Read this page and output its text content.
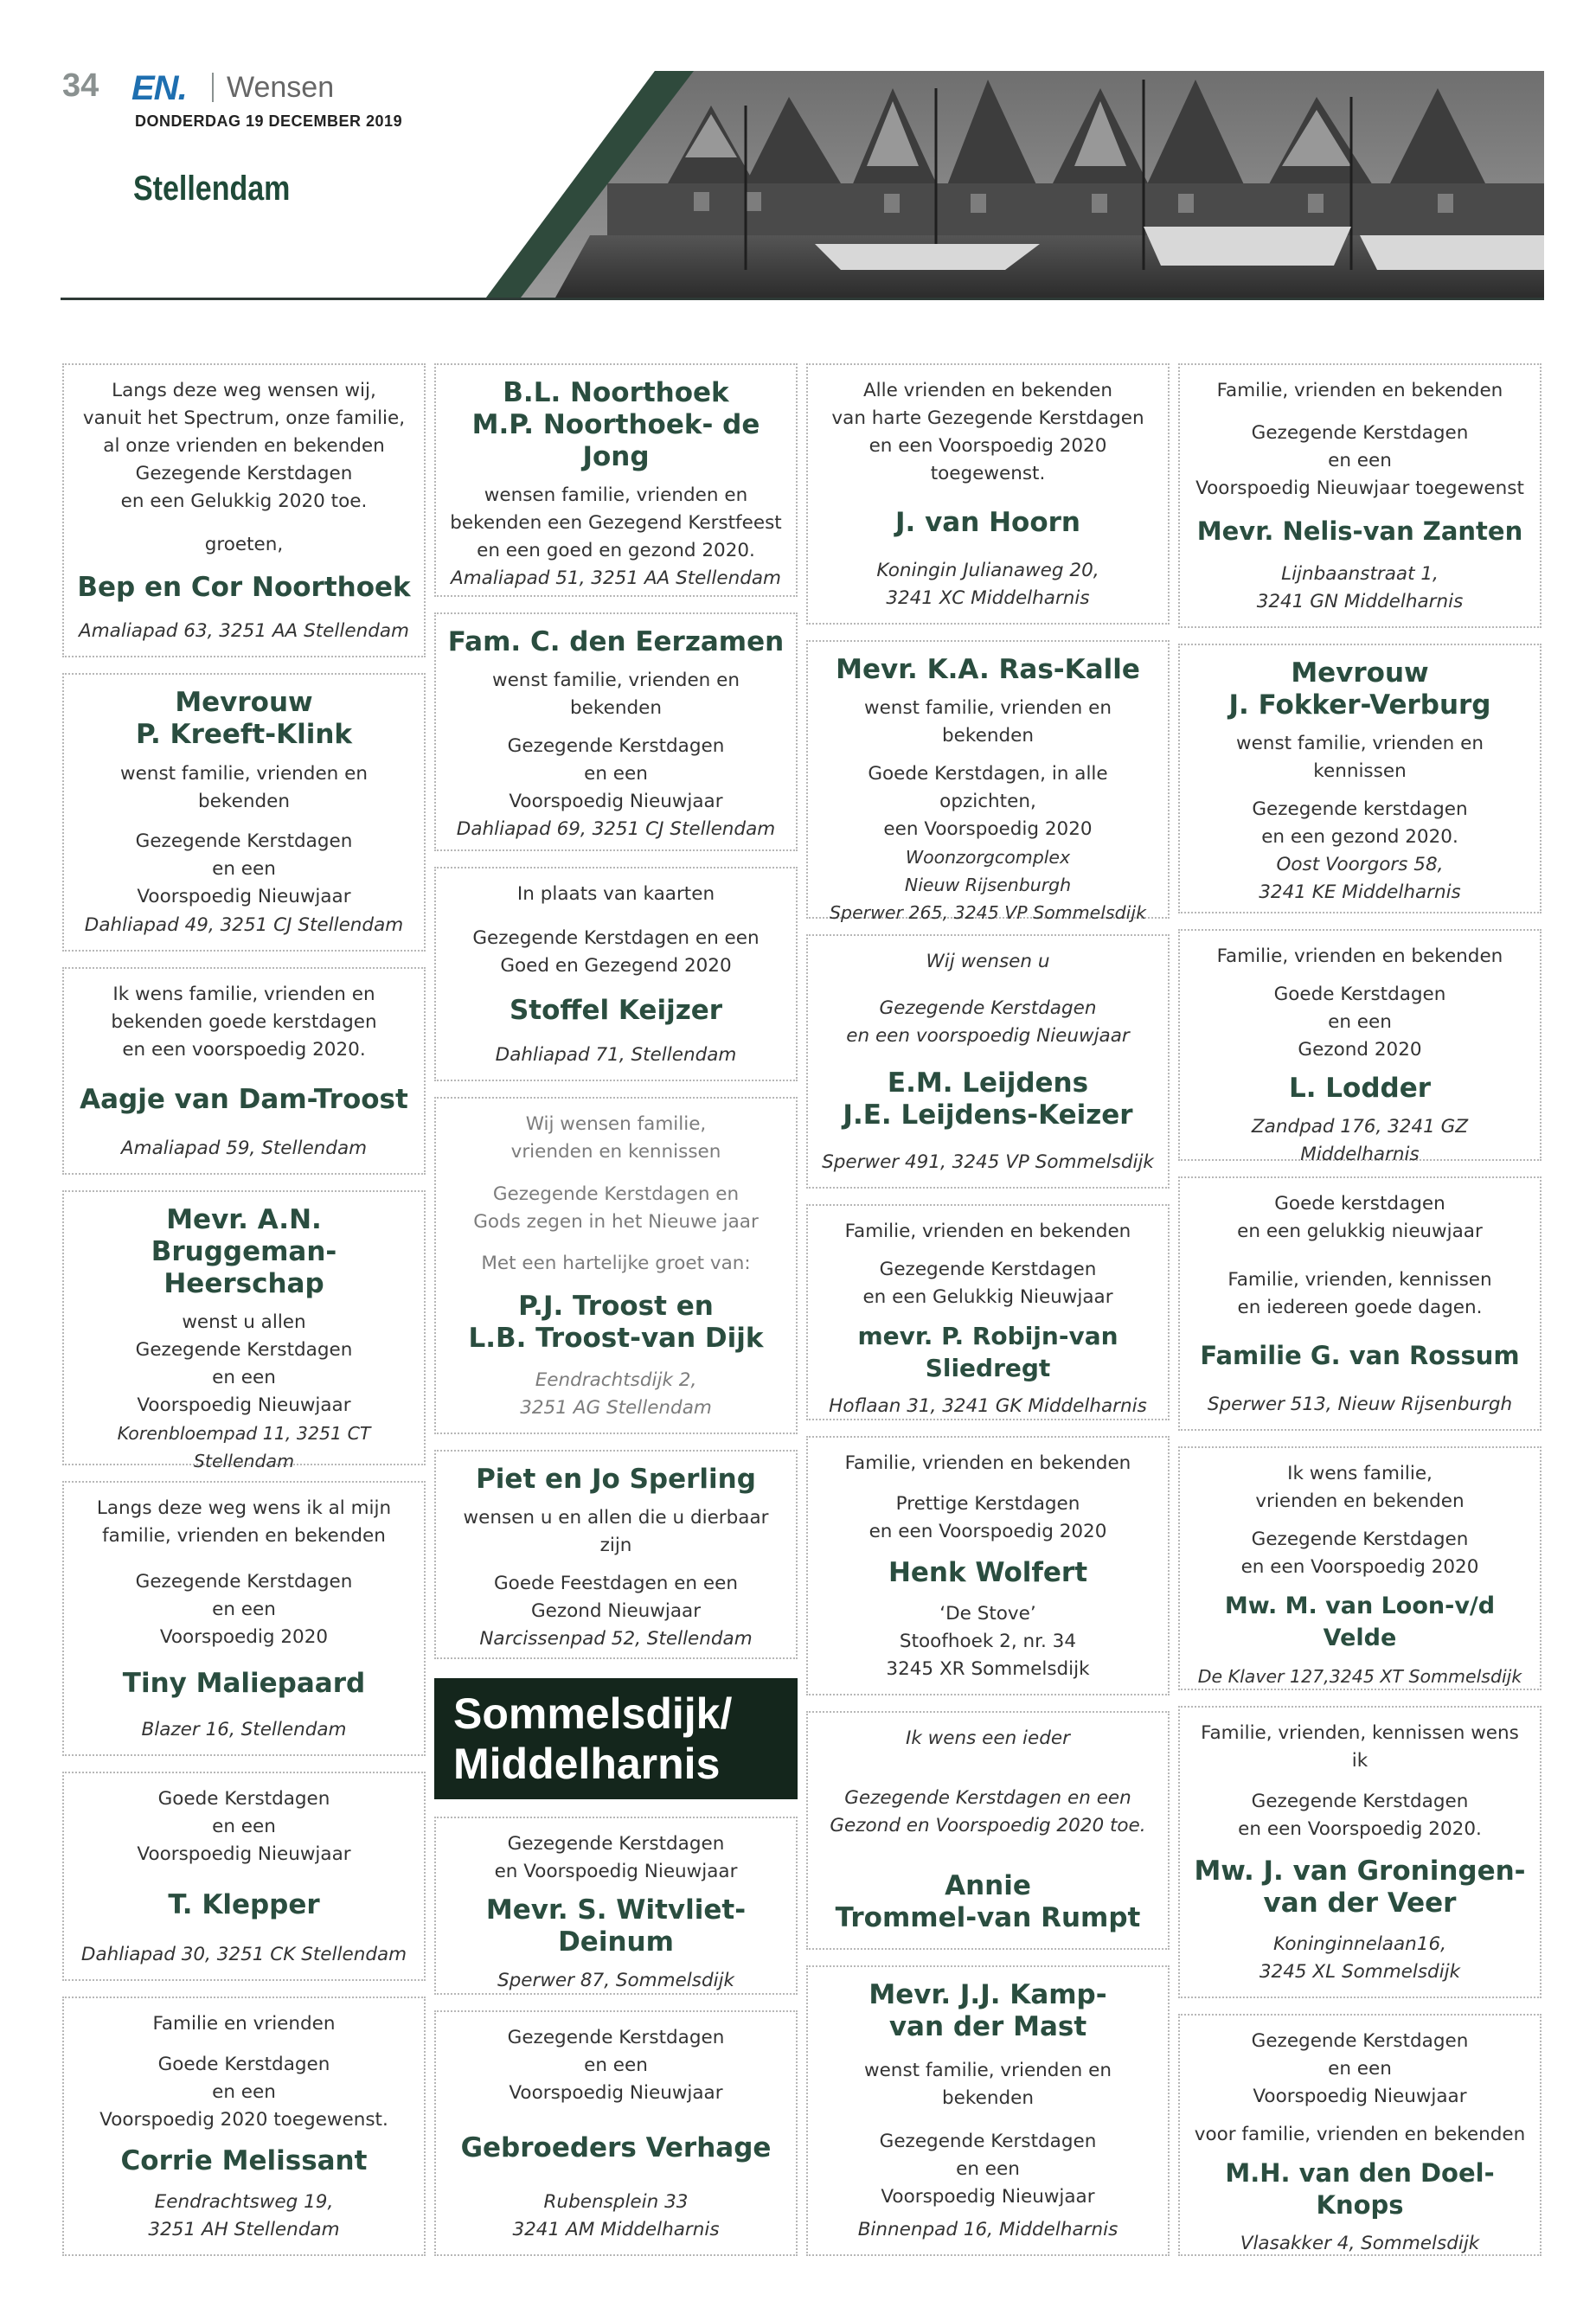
34 EN. Wensen
DONDERDAG 19 DECEMBER 2019
Stellendam
Langs deze weg wensen wij,
vanuit het Spectrum, onze familie,
al onze vrienden en bekenden
Gezegende Kerstdagen
en een Gelukkig 2020 toe.
groeten,
Bep en Cor Noorthoek
Amaliapad 63, 3251 AA Stellendam
Mevrouw
P. Kreeft-Klink
wenst familie, vrienden en bekenden
Gezegende Kerstdagen
en een
Voorspoedig Nieuwjaar
Dahliapad 49, 3251 CJ Stellendam
Ik wens familie, vrienden en
bekenden goede kerstdagen
en een voorspoedig 2020.
Aagje van Dam-Troost
Amaliapad 59, Stellendam
Mevr. A.N.
Bruggeman-Heerschap
wenst u allen
Gezegende Kerstdagen
en een
Voorspoedig Nieuwjaar
Korenbloempad 11, 3251 CT Stellendam
Langs deze weg wens ik al mijn
familie, vrienden en bekenden
Gezegende Kerstdagen
en een
Voorspoedig 2020
Tiny Maliepaard
Blazer 16, Stellendam
Goede Kerstdagen
en een
Voorspoedig Nieuwjaar
T. Klepper
Dahliapad 30, 3251 CK Stellendam
Familie en vrienden
Goede Kerstdagen
en een
Voorspoedig 2020 toegewenst.
Corrie Melissant
Eendrachtsweg 19,
3251 AH Stellendam
B.L. Noorthoek
M.P. Noorthoek- de Jong
wensen familie, vrienden en
bekenden een Gezegend Kerstfeest
en een goed en gezond 2020.
Amaliapad 51, 3251 AA Stellendam
Fam. C. den Eerzamen
wenst familie, vrienden en bekenden
Gezegende Kerstdagen
en een
Voorspoedig Nieuwjaar
Dahliapad 69, 3251 CJ Stellendam
In plaats van kaarten
Gezegende Kerstdagen en een
Goed en Gezegend 2020
Stoffel Keijzer
Dahliapad 71, Stellendam
Wij wensen familie,
vrienden en kennissen
Gezegende Kerstdagen en
Gods zegen in het Nieuwe jaar
Met een hartelijke groet van:
P.J. Troost en
L.B. Troost-van Dijk
Eendrachtsdijk 2,
3251 AG Stellendam
Piet en Jo Sperling
wensen u en allen die u dierbaar zijn
Goede Feestdagen en een
Gezond Nieuwjaar
Narcissenpad 52, Stellendam
Sommelsdijk/
Middelharnis
Gezegende Kerstdagen
en Voorspoedig Nieuwjaar
Mevr. S. Witvliet-Deinum
Sperwer 87, Sommelsdijk
Gezegende Kerstdagen
en een
Voorspoedig Nieuwjaar
Gebroeders Verhage
Rubensplein 33
3241 AM Middelharnis
Alle vrienden en bekenden
van harte Gezegende Kerstdagen
en een Voorspoedig 2020
toegewenst.
J. van Hoorn
Koningin Julianaweg 20,
3241 XC Middelharnis
Mevr. K.A. Ras-Kalle
wenst familie, vrienden en bekenden
Goede Kerstdagen, in alle opzichten,
een Voorspoedig 2020
Woonzorgcomplex
Nieuw Rijsenburgh
Sperwer 265, 3245 VP Sommelsdijk
Wij wensen u
Gezegende Kerstdagen
en een voorspoedig Nieuwjaar
E.M. Leijdens
J.E. Leijdens-Keizer
Sperwer 491, 3245 VP Sommelsdijk
Familie, vrienden en bekenden
Gezegende Kerstdagen
en een Gelukkig Nieuwjaar
mevr. P. Robijn-van Sliedregt
Hoflaan 31, 3241 GK Middelharnis
Familie, vrienden en bekenden
Prettige Kerstdagen
en een Voorspoedig 2020
Henk Wolfert
‘De Stove’
Stoofhoek 2, nr. 34
3245 XR Sommelsdijk
Ik wens een ieder
Gezegende Kerstdagen en een
Gezond en Voorspoedig 2020 toe.
Annie
Trommel-van Rumpt
Mevr. J.J. Kamp-
van der Mast
wenst familie, vrienden en bekenden
Gezegende Kerstdagen
en een
Voorspoedig Nieuwjaar
Binnenpad 16, Middelharnis
Familie, vrienden en bekenden
Gezegende Kerstdagen
en een
Voorspoedig Nieuwjaar toegewenst
Mevr. Nelis-van Zanten
Lijnbaanstraat 1,
3241 GN Middelharnis
Mevrouw
J. Fokker-Verburg
wenst familie, vrienden en kennissen
Gezegende kerstdagen
en een gezond 2020.
Oost Voorgors 58,
3241 KE Middelharnis
Familie, vrienden en bekenden
Goede Kerstdagen
en een
Gezond 2020
L. Lodder
Zandpad 176, 3241 GZ Middelharnis
Goede kerstdagen
en een gelukkig nieuwjaar
Familie, vrienden, kennissen
en iedereen goede dagen.
Familie G. van Rossum
Sperwer 513, Nieuw Rijsenburgh
Ik wens familie,
vrienden en bekenden
Gezegende Kerstdagen
en een Voorspoedig 2020
Mw. M. van Loon-v/d Velde
De Klaver 127,3245 XT Sommelsdijk
Familie, vrienden, kennissen wens ik
Gezegende Kerstdagen
en een Voorspoedig 2020.
Mw. J. van Groningen-
van der Veer
Koninginnelaan16,
3245 XL Sommelsdijk
Gezegende Kerstdagen
en een
Voorspoedig Nieuwjaar
voor familie, vrienden en bekenden
M.H. van den Doel-Knops
Vlasakker 4, Sommelsdijk
